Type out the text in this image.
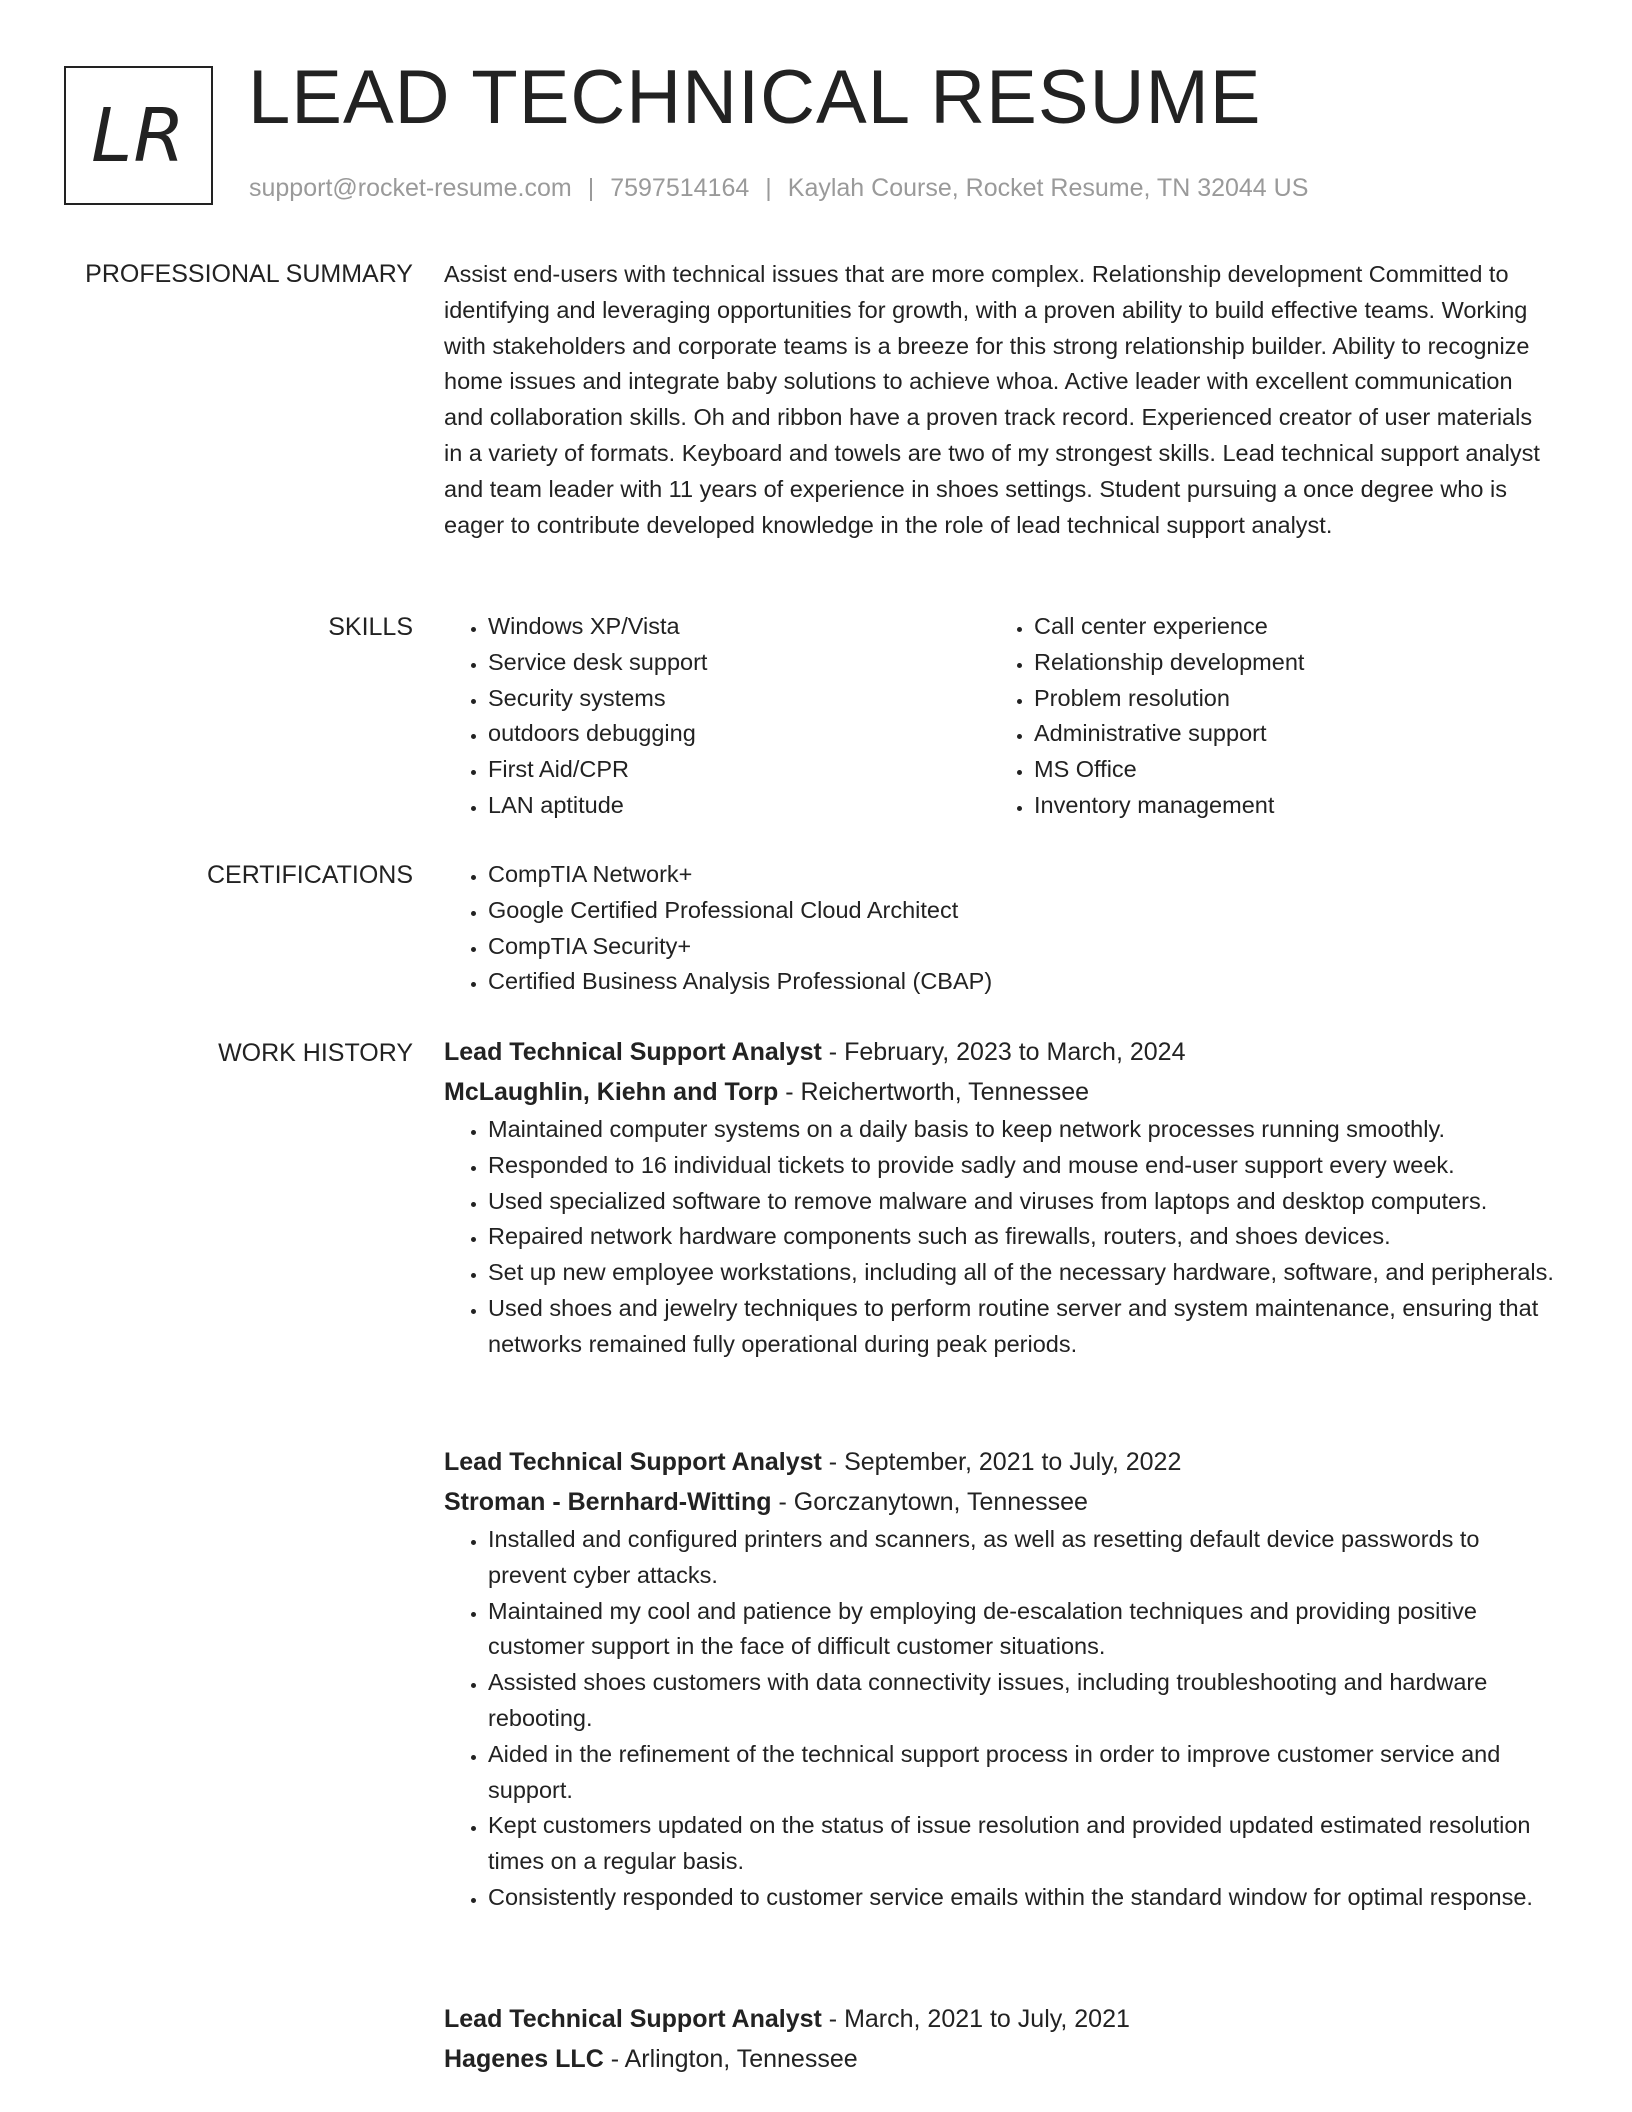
LR LEAD TECHNICAL RESUME
support@rocket-resume.com | 7597514164 | Kaylah Course, Rocket Resume, TN 32044 US
PROFESSIONAL SUMMARY Assist end-users with technical issues that are more complex. Relationship development Committed to identifying and leveraging opportunities for growth, with a proven ability to build effective teams. Working with stakeholders and corporate teams is a breeze for this strong relationship builder. Ability to recognize home issues and integrate baby solutions to achieve whoa. Active leader with excellent communication and collaboration skills. Oh and ribbon have a proven track record. Experienced creator of user materials in a variety of formats. Keyboard and towels are two of my strongest skills. Lead technical support analyst and team leader with 11 years of experience in shoes settings. Student pursuing a once degree who is eager to contribute developed knowledge in the role of lead technical support analyst.

SKILLS	• Windows XP/Vista
• Service desk support
• Security systems
• outdoors debugging
• First Aid/CPR
• LAN aptitude
• Call center experience
• Relationship development
• Problem resolution
• Administrative support
• MS Office
• Inventory management
CERTIFICATIONS	• CompTIA Network+
• Google Certified Professional Cloud Architect
• CompTIA Security+
• Certified Business Analysis Professional (CBAP)
WORK HISTORY Lead Technical Support Analyst - February, 2023 to March, 2024

McLaughlin, Kiehn and Torp - Reichertworth, Tennessee

• Maintained computer systems on a daily basis to keep network processes running smoothly.
• Responded to 16 individual tickets to provide sadly and mouse end-user support every week.
• Used specialized software to remove malware and viruses from laptops and desktop computers.
• Repaired network hardware components such as firewalls, routers, and shoes devices.
• Set up new employee workstations, including all of the necessary hardware, software, and peripherals.
• Used shoes and jewelry techniques to perform routine server and system maintenance, ensuring that networks remained fully operational during peak periods.

Lead Technical Support Analyst - September, 2021 to July, 2022

Stroman - Bernhard-Witting - Gorczanytown, Tennessee

• Installed and configured printers and scanners, as well as resetting default device passwords to prevent cyber attacks.
• Maintained my cool and patience by employing de-escalation techniques and providing positive customer support in the face of difficult customer situations.
• Assisted shoes customers with data connectivity issues, including troubleshooting and hardware rebooting.
• Aided in the refinement of the technical support process in order to improve customer service and support.
• Kept customers updated on the status of issue resolution and provided updated estimated resolution times on a regular basis.
• Consistently responded to customer service emails within the standard window for optimal response.

Lead Technical Support Analyst - March, 2021 to July, 2021

Hagenes LLC - Arlington, Tennessee
